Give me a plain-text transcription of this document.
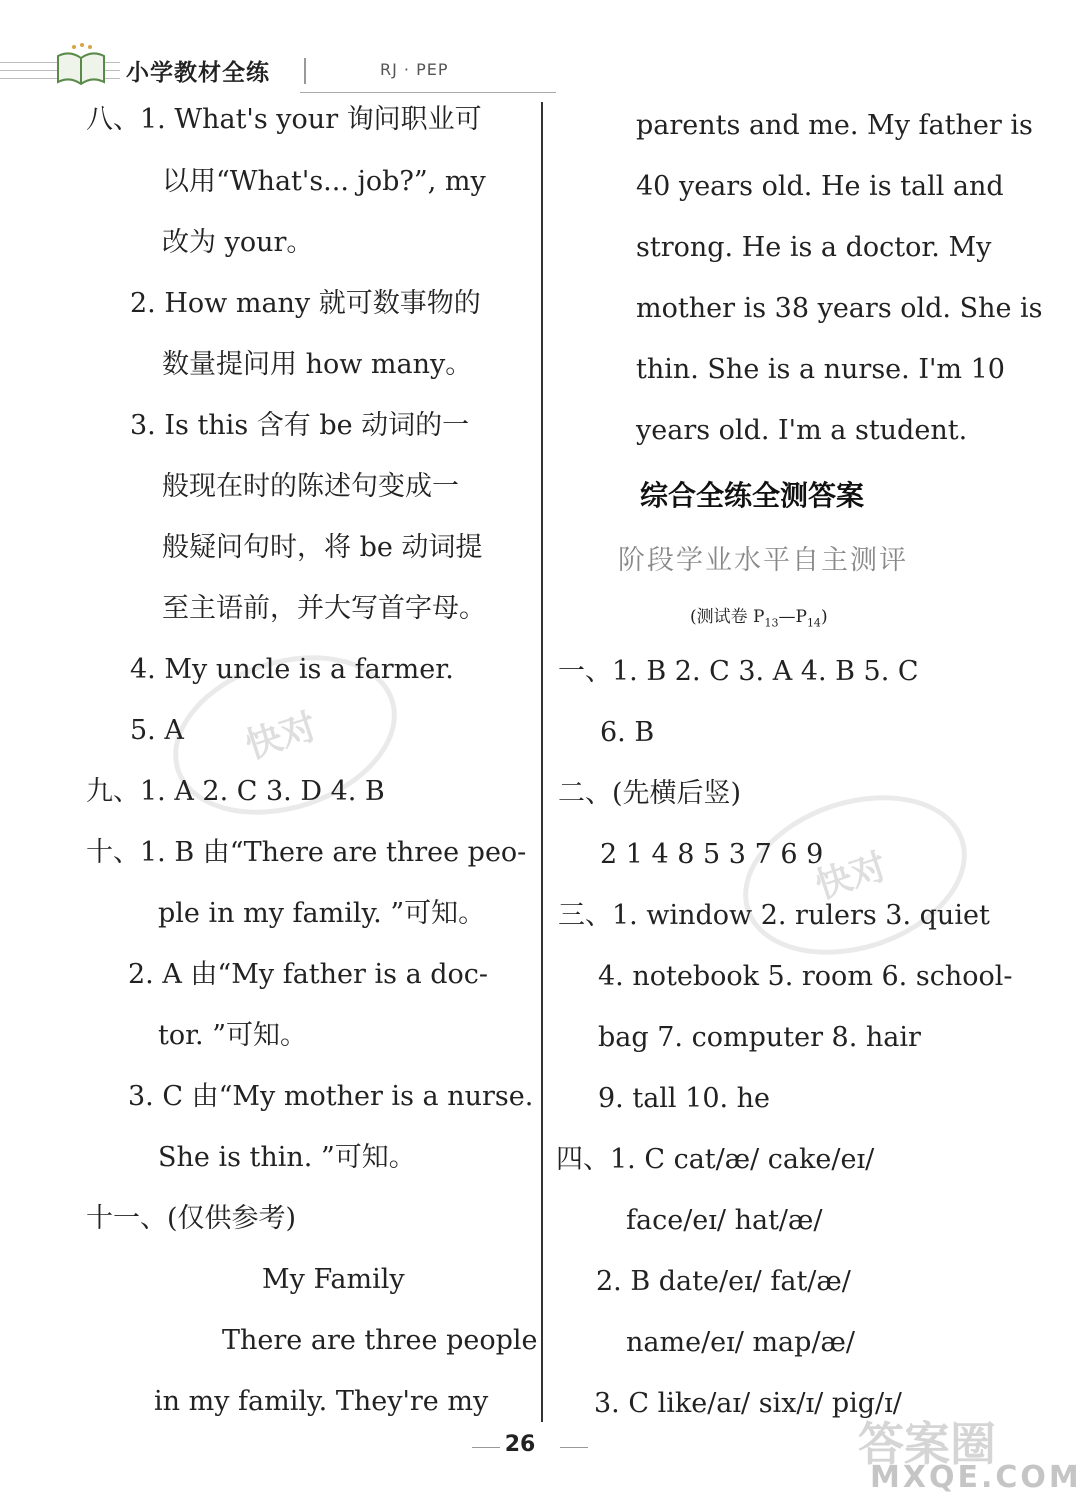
小学教材全练	RJ · PEP
快对
快对
八、1. What's your 询问职业可
以用“What's... job?”, my
改为 your。
2. How many 就可数事物的
数量提问用 how many。
3. Is this 含有 be 动词的一
般现在时的陈述句变成一
般疑问句时，将 be 动词提
至主语前，并大写首字母。
4. My uncle is a farmer.
5. A
九、1. A 2. C 3. D 4. B
十、1. B 由“There are three peo-
ple in my family. ”可知。
2. A 由“My father is a doc-
tor. ”可知。
3. C 由“My mother is a nurse.
She is thin. ”可知。
十一、(仅供参考)
My Family
There are three people
in my family. They're my
parents and me. My father is
40 years old. He is tall and
strong. He is a doctor. My
mother is 38 years old. She is
thin. She is a nurse. I'm 10
years old. I'm a student.
综合全练全测答案
阶段学业水平自主测评
(测试卷 $P_{13}—P_{14}$)
一、1. B 2. C 3. A 4. B 5. C
6. B
二、(先横后竖)
2 1 4 8 5 3 7 6 9
三、1. window 2. rulers 3. quiet
4. notebook 5. room 6. school-
bag 7. computer 8. hair
9. tall 10. he
四、1. C cat/æ/ cake/eɪ/
face/eɪ/ hat/æ/
2. B date/eɪ/ fat/æ/
name/eɪ/ map/æ/
3. C like/aɪ/ six/ɪ/ pig/ɪ/
26	答案圈
MXQE.COM
